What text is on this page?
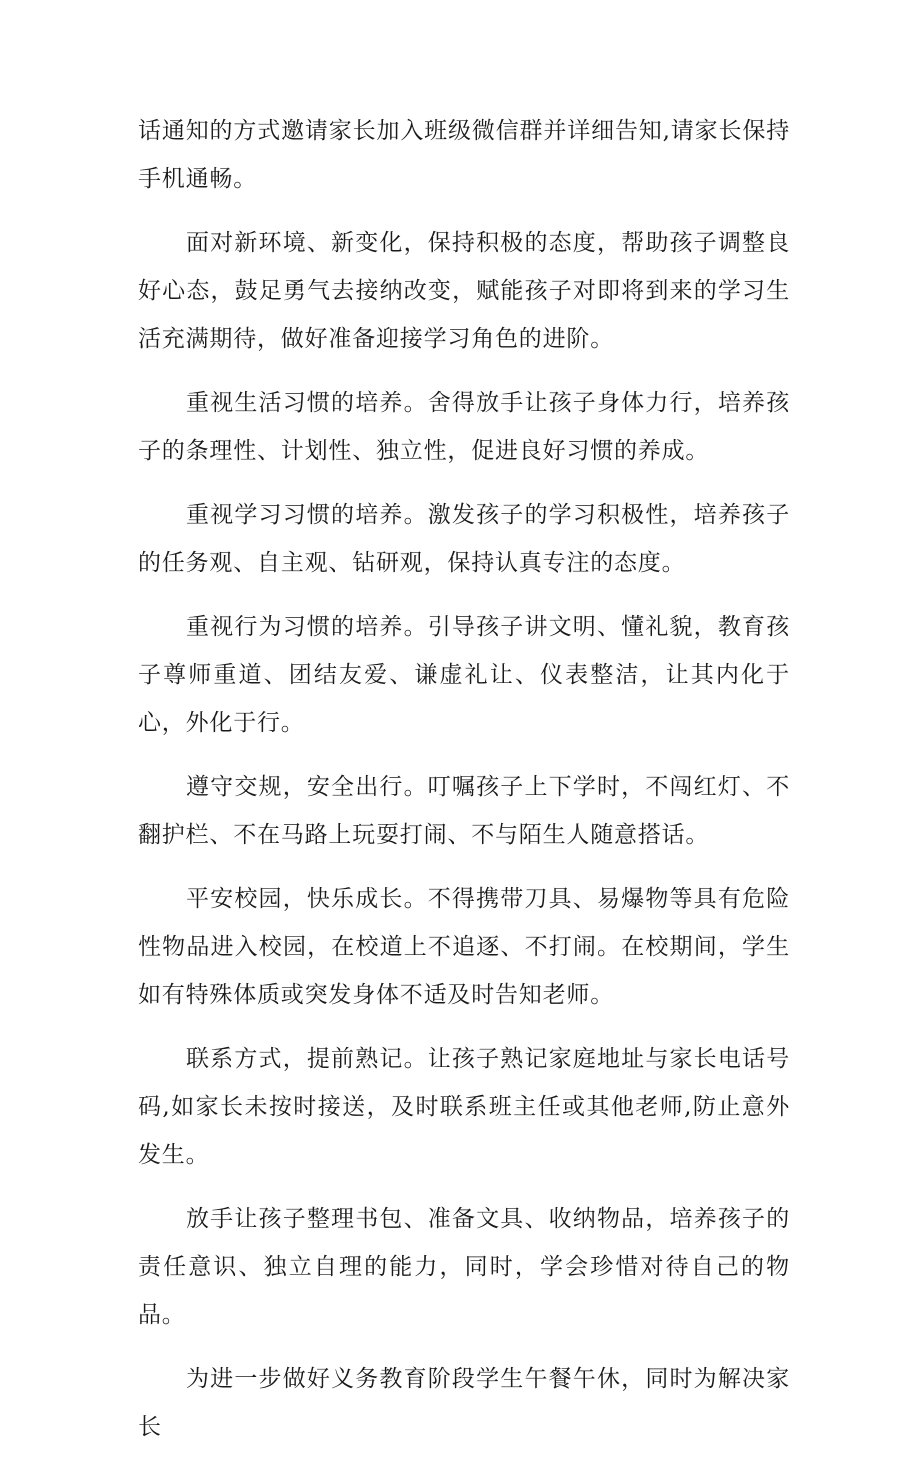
话通知的方式邀请家长加入班级微信群并详细告知,请家长保持手机通畅。

面对新环境、新变化，保持积极的态度，帮助孩子调整良好心态，鼓足勇气去接纳改变，赋能孩子对即将到来的学习生活充满期待，做好准备迎接学习角色的进阶。

重视生活习惯的培养。舍得放手让孩子身体力行，培养孩子的条理性、计划性、独立性，促进良好习惯的养成。

重视学习习惯的培养。激发孩子的学习积极性，培养孩子的任务观、自主观、钻研观，保持认真专注的态度。

重视行为习惯的培养。引导孩子讲文明、懂礼貌，教育孩子尊师重道、团结友爱、谦虚礼让、仪表整洁，让其内化于心，外化于行。

遵守交规，安全出行。叮嘱孩子上下学时，不闯红灯、不翻护栏、不在马路上玩耍打闹、不与陌生人随意搭话。

平安校园，快乐成长。不得携带刀具、易爆物等具有危险性物品进入校园，在校道上不追逐、不打闹。在校期间，学生如有特殊体质或突发身体不适及时告知老师。

联系方式，提前熟记。让孩子熟记家庭地址与家长电话号码,如家长未按时接送，及时联系班主任或其他老师,防止意外发生。

放手让孩子整理书包、准备文具、收纳物品，培养孩子的责任意识、独立自理的能力，同时，学会珍惜对待自己的物品。

为进一步做好义务教育阶段学生午餐午休，同时为解决家长
